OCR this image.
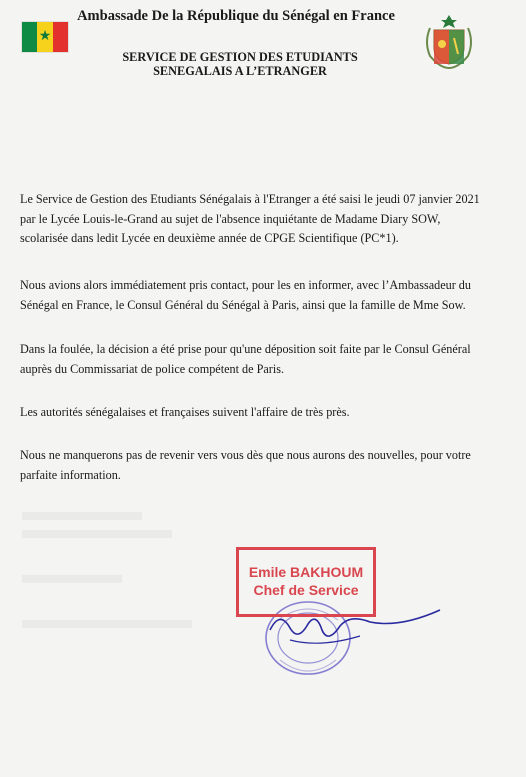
★
Ambassade De la République du Sénégal en France
SERVICE DE GESTION DES ETUDIANTS
SENEGALAIS A L’ETRANGER
Le Service de Gestion des Etudiants Sénégalais à l'Etranger a été saisi le jeudi 07 janvier 2021
par le Lycée Louis-le-Grand au sujet de l'absence inquiétante de Madame Diary SOW,
scolarisée dans ledit Lycée en deuxième année de CPGE Scientifique (PC*1).
Nous avions alors immédiatement pris contact, pour les en informer, avec l’Ambassadeur du
Sénégal en France, le Consul Général du Sénégal à Paris, ainsi que la famille de Mme Sow.
Dans la foulée, la décision a été prise pour qu'une déposition soit faite par le Consul Général
auprès du Commissariat de police compétent de Paris.
Les autorités sénégalaises et françaises suivent l'affaire de très près.
Nous ne manquerons pas de revenir vers vous dès que nous aurons des nouvelles, pour votre
parfaite information.
Emile BAKHOUM
Chef de Service
